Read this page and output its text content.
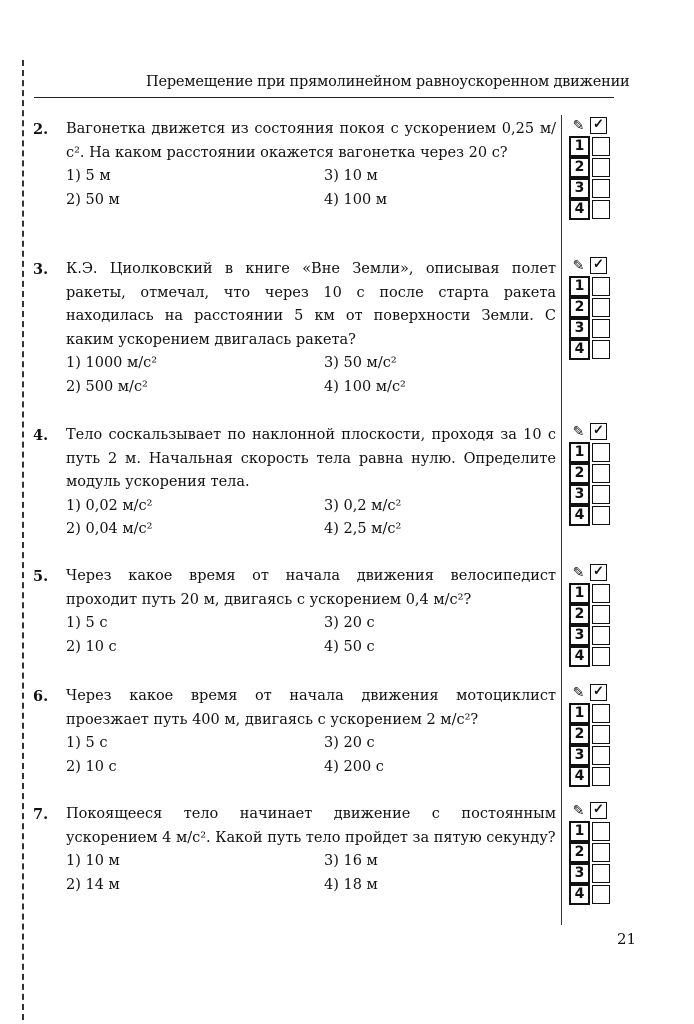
Перемещение при прямолинейном равноускоренном движении
21
2. Вагонетка движется из состояния покоя с ускорением 0,25 м/с². На каком расстоянии окажется вагонетка через 20 с?
1) 5 м	3) 10 м
2) 50 м	4) 100 м
✎ ✓
1
2
3
4
3. К.Э. Циолковский в книге «Вне Земли», описывая полет ракеты, отмечал, что через 10 с после старта ракета находилась на расстоянии 5 км от поверхности Земли. С каким ускорением двигалась ракета?
1) 1000 м/с²	3) 50 м/с²
2) 500 м/с²	4) 100 м/с²
✎ ✓
1
2
3
4
4. Тело соскальзывает по наклонной плоскости, проходя за 10 с путь 2 м. Начальная скорость тела равна нулю. Определите модуль ускорения тела.
1) 0,02 м/с²	3) 0,2 м/с²
2) 0,04 м/с²	4) 2,5 м/с²
✎ ✓
1
2
3
4
5. Через какое время от начала движения велосипедист проходит путь 20 м, двигаясь с ускорением 0,4 м/с²?
1) 5 с	3) 20 с
2) 10 с	4) 50 с
✎ ✓
1
2
3
4
6. Через какое время от начала движения мотоциклист проезжает путь 400 м, двигаясь с ускорением 2 м/с²?
1) 5 с	3) 20 с
2) 10 с	4) 200 с
✎ ✓
1
2
3
4
7. Покоящееся тело начинает движение с постоянным ускорением 4 м/с². Какой путь тело пройдет за пятую секунду?
1) 10 м	3) 16 м
2) 14 м	4) 18 м
✎ ✓
1
2
3
4
